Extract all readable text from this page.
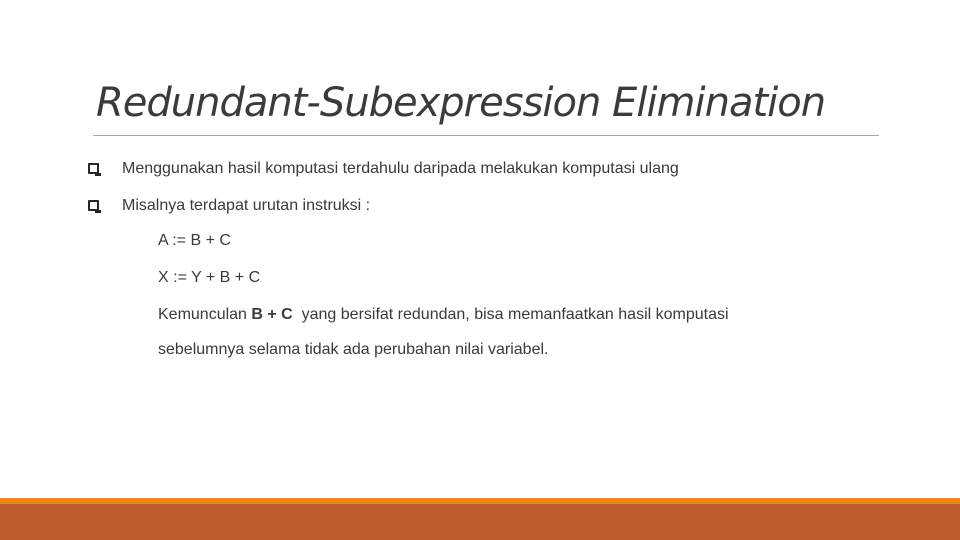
Redundant-Subexpression Elimination
Menggunakan hasil komputasi terdahulu daripada melakukan komputasi ulang
Misalnya terdapat urutan instruksi :
A := B + C
X := Y + B + C
Kemunculan B + C  yang bersifat redundan, bisa memanfaatkan hasil komputasi
sebelumnya selama tidak ada perubahan nilai variabel.
